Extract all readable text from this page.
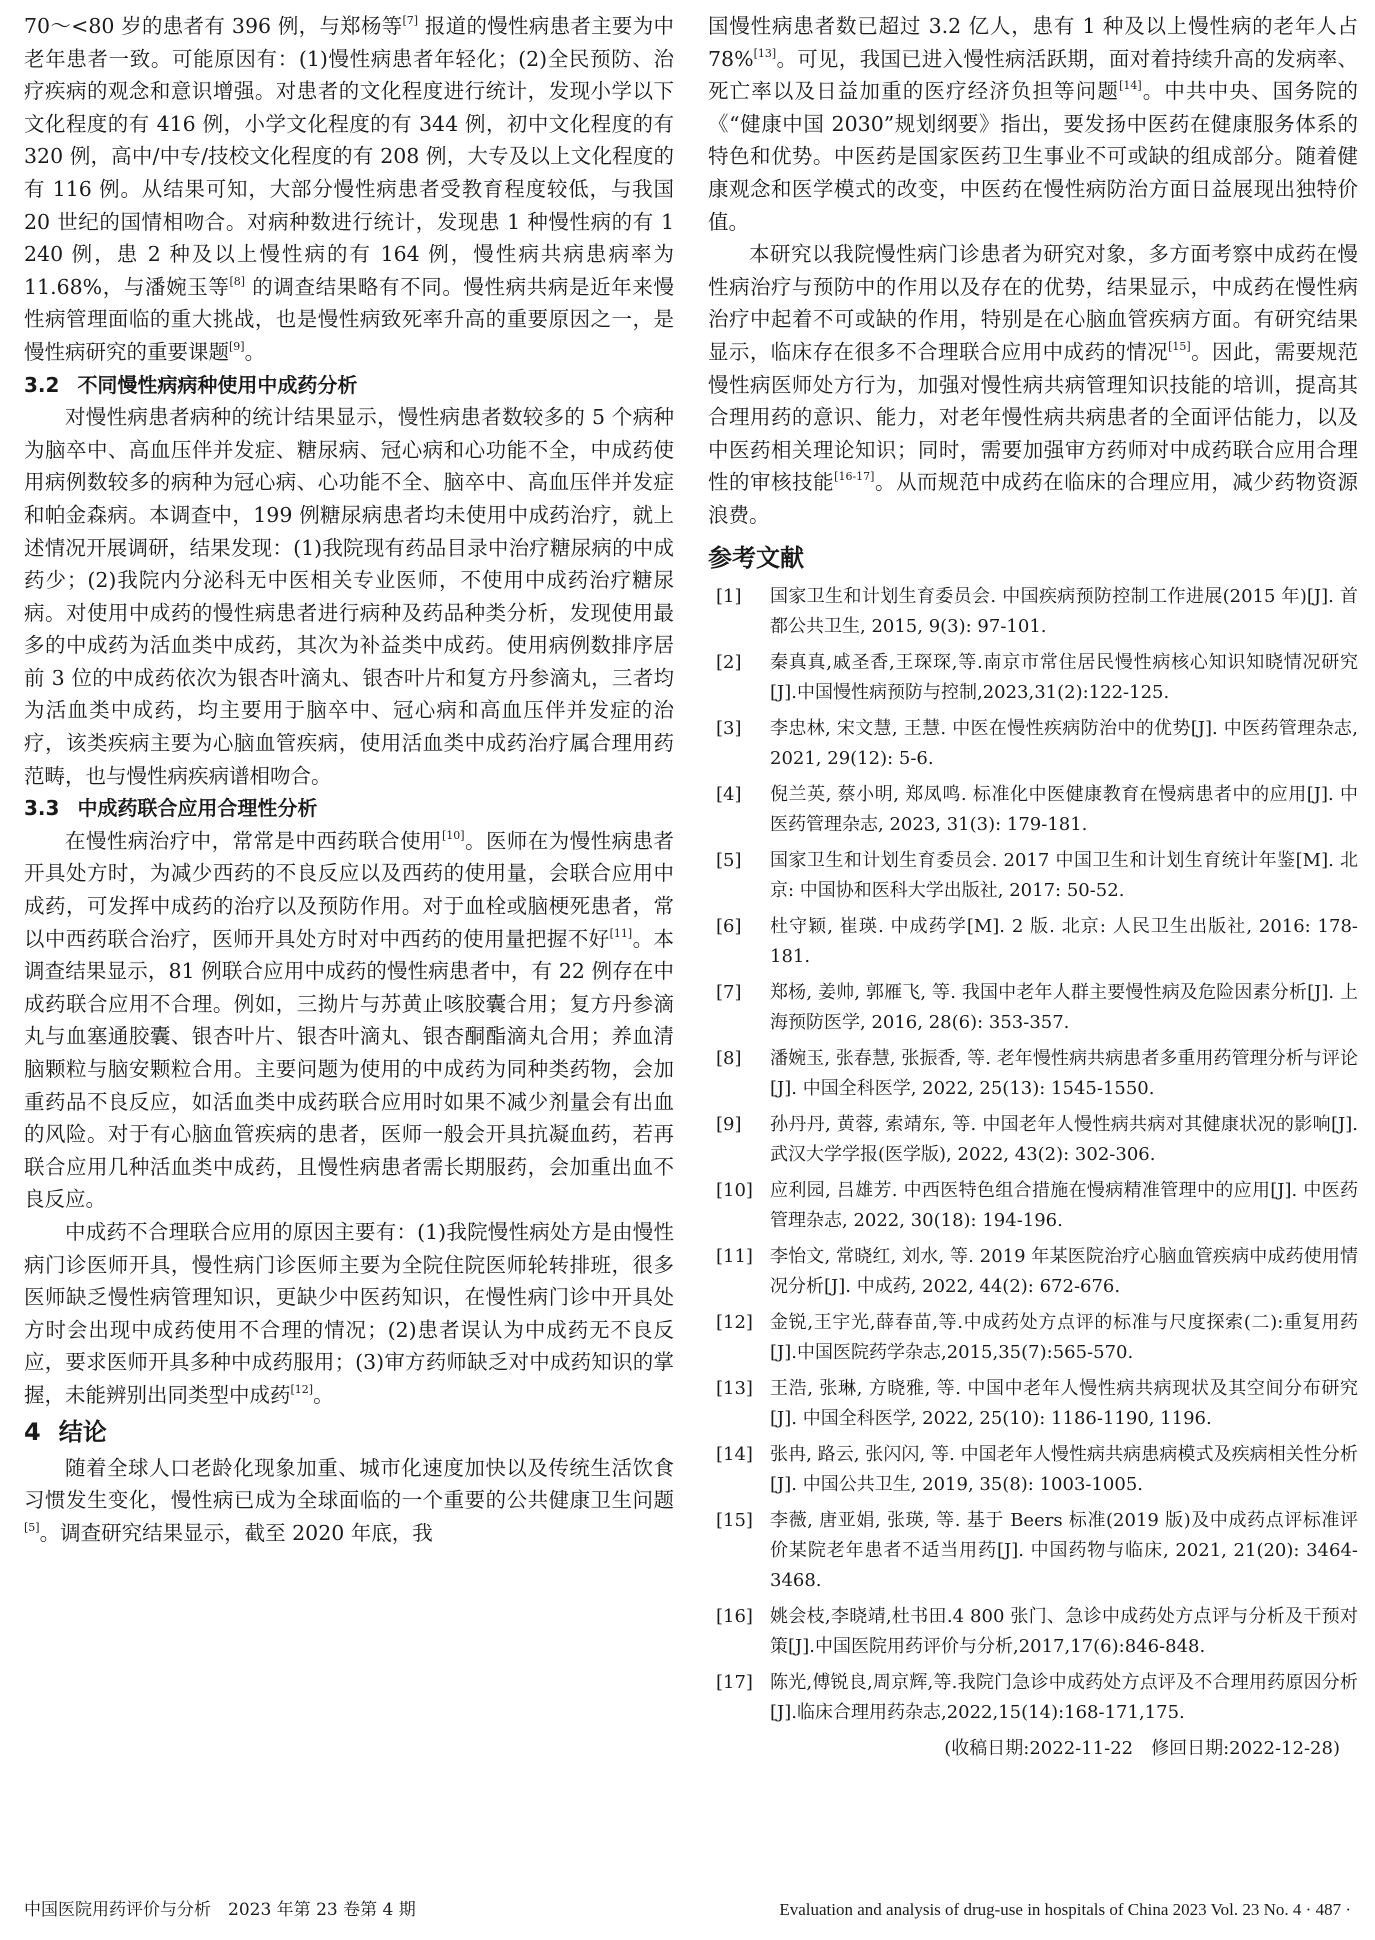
70～<80 岁的患者有 396 例，与郑杨等[7] 报道的慢性病患者主要为中老年患者一致。可能原因有：(1)慢性病患者年轻化；(2)全民预防、治疗疾病的观念和意识增强。对患者的文化程度进行统计，发现小学以下文化程度的有 416 例，小学文化程度的有 344 例，初中文化程度的有 320 例，高中/中专/技校文化程度的有 208 例，大专及以上文化程度的有 116 例。从结果可知，大部分慢性病患者受教育程度较低，与我国 20 世纪的国情相吻合。对病种数进行统计，发现患 1 种慢性病的有 1 240 例，患 2 种及以上慢性病的有 164 例，慢性病共病患病率为 11.68%，与潘婉玉等[8] 的调查结果略有不同。慢性病共病是近年来慢性病管理面临的重大挑战，也是慢性病致死率升高的重要原因之一，是慢性病研究的重要课题[9]。

3.2 不同慢性病病种使用中成药分析

对慢性病患者病种的统计结果显示，慢性病患者数较多的 5 个病种为脑卒中、高血压伴并发症、糖尿病、冠心病和心功能不全，中成药使用病例数较多的病种为冠心病、心功能不全、脑卒中、高血压伴并发症和帕金森病。本调查中，199 例糖尿病患者均未使用中成药治疗，就上述情况开展调研，结果发现：(1)我院现有药品目录中治疗糖尿病的中成药少；(2)我院内分泌科无中医相关专业医师，不使用中成药治疗糖尿病。对使用中成药的慢性病患者进行病种及药品种类分析，发现使用最多的中成药为活血类中成药，其次为补益类中成药。使用病例数排序居前 3 位的中成药依次为银杏叶滴丸、银杏叶片和复方丹参滴丸，三者均为活血类中成药，均主要用于脑卒中、冠心病和高血压伴并发症的治疗，该类疾病主要为心脑血管疾病，使用活血类中成药治疗属合理用药范畴，也与慢性病疾病谱相吻合。

3.3 中成药联合应用合理性分析

在慢性病治疗中，常常是中西药联合使用[10]。医师在为慢性病患者开具处方时，为减少西药的不良反应以及西药的使用量，会联合应用中成药，可发挥中成药的治疗以及预防作用。对于血栓或脑梗死患者，常以中西药联合治疗，医师开具处方时对中西药的使用量把握不好[11]。本调查结果显示，81 例联合应用中成药的慢性病患者中，有 22 例存在中成药联合应用不合理。例如，三拗片与苏黄止咳胶囊合用；复方丹参滴丸与血塞通胶囊、银杏叶片、银杏叶滴丸、银杏酮酯滴丸合用；养血清脑颗粒与脑安颗粒合用。主要问题为使用的中成药为同种类药物，会加重药品不良反应，如活血类中成药联合应用时如果不减少剂量会有出血的风险。对于有心脑血管疾病的患者，医师一般会开具抗凝血药，若再联合应用几种活血类中成药，且慢性病患者需长期服药，会加重出血不良反应。

中成药不合理联合应用的原因主要有：(1)我院慢性病处方是由慢性病门诊医师开具，慢性病门诊医师主要为全院住院医师轮转排班，很多医师缺乏慢性病管理知识，更缺少中医药知识，在慢性病门诊中开具处方时会出现中成药使用不合理的情况；(2)患者误认为中成药无不良反应，要求医师开具多种中成药服用；(3)审方药师缺乏对中成药知识的掌握，未能辨别出同类型中成药[12]。

4 结论

随着全球人口老龄化现象加重、城市化速度加快以及传统生活饮食习惯发生变化，慢性病已成为全球面临的一个重要的公共健康卫生问题[5]。调查研究结果显示，截至 2020 年底，我

国慢性病患者数已超过 3.2 亿人，患有 1 种及以上慢性病的老年人占 78%[13]。可见，我国已进入慢性病活跃期，面对着持续升高的发病率、死亡率以及日益加重的医疗经济负担等问题[14]。中共中央、国务院的《“健康中国 2030”规划纲要》指出，要发扬中医药在健康服务体系的特色和优势。中医药是国家医药卫生事业不可或缺的组成部分。随着健康观念和医学模式的改变，中医药在慢性病防治方面日益展现出独特价值。

本研究以我院慢性病门诊患者为研究对象，多方面考察中成药在慢性病治疗与预防中的作用以及存在的优势，结果显示，中成药在慢性病治疗中起着不可或缺的作用，特别是在心脑血管疾病方面。有研究结果显示，临床存在很多不合理联合应用中成药的情况[15]。因此，需要规范慢性病医师处方行为，加强对慢性病共病管理知识技能的培训，提高其合理用药的意识、能力，对老年慢性病共病患者的全面评估能力，以及中医药相关理论知识；同时，需要加强审方药师对中成药联合应用合理性的审核技能[16-17]。从而规范中成药在临床的合理应用，减少药物资源浪费。

参考文献

[1] 国家卫生和计划生育委员会. 中国疾病预防控制工作进展(2015 年)[J]. 首都公共卫生, 2015, 9(3): 97-101.

[2] 秦真真,戚圣香,王琛琛,等.南京市常住居民慢性病核心知识知晓情况研究[J].中国慢性病预防与控制,2023,31(2):122-125.

[3] 李忠林, 宋文慧, 王慧. 中医在慢性疾病防治中的优势[J]. 中医药管理杂志, 2021, 29(12): 5-6.

[4] 倪兰英, 蔡小明, 郑凤鸣. 标准化中医健康教育在慢病患者中的应用[J]. 中医药管理杂志, 2023, 31(3): 179-181.

[5] 国家卫生和计划生育委员会. 2017 中国卫生和计划生育统计年鉴[M]. 北京: 中国协和医科大学出版社, 2017: 50-52.

[6] 杜守颖, 崔瑛. 中成药学[M]. 2 版. 北京: 人民卫生出版社, 2016: 178-181.

[7] 郑杨, 姜帅, 郭雁飞, 等. 我国中老年人群主要慢性病及危险因素分析[J]. 上海预防医学, 2016, 28(6): 353-357.

[8] 潘婉玉, 张春慧, 张振香, 等. 老年慢性病共病患者多重用药管理分析与评论[J]. 中国全科医学, 2022, 25(13): 1545-1550.

[9] 孙丹丹, 黄蓉, 索靖东, 等. 中国老年人慢性病共病对其健康状况的影响[J]. 武汉大学学报(医学版), 2022, 43(2): 302-306.

[10] 应利园, 吕雄芳. 中西医特色组合措施在慢病精准管理中的应用[J]. 中医药管理杂志, 2022, 30(18): 194-196.

[11] 李怡文, 常晓红, 刘水, 等. 2019 年某医院治疗心脑血管疾病中成药使用情况分析[J]. 中成药, 2022, 44(2): 672-676.

[12] 金锐,王宇光,薛春苗,等.中成药处方点评的标准与尺度探索(二):重复用药[J].中国医院药学杂志,2015,35(7):565-570.

[13] 王浩, 张琳, 方晓雅, 等. 中国中老年人慢性病共病现状及其空间分布研究[J]. 中国全科医学, 2022, 25(10): 1186-1190, 1196.

[14] 张冉, 路云, 张闪闪, 等. 中国老年人慢性病共病患病模式及疾病相关性分析[J]. 中国公共卫生, 2019, 35(8): 1003-1005.

[15] 李薇, 唐亚娟, 张瑛, 等. 基于 Beers 标准(2019 版)及中成药点评标准评价某院老年患者不适当用药[J]. 中国药物与临床, 2021, 21(20): 3464-3468.

[16] 姚会枝,李晓靖,杜书田.4 800 张门、急诊中成药处方点评与分析及干预对策[J].中国医院用药评价与分析,2017,17(6):846-848.

[17] 陈光,傅锐良,周京辉,等.我院门急诊中成药处方点评及不合理用药原因分析[J].临床合理用药杂志,2022,15(14):168-171,175.

(收稿日期:2022-11-22　修回日期:2022-12-28)
中国医院用药评价与分析　2023 年第 23 卷第 4 期	Evaluation and analysis of drug-use in hospitals of China 2023 Vol. 23 No. 4 · 487 ·
